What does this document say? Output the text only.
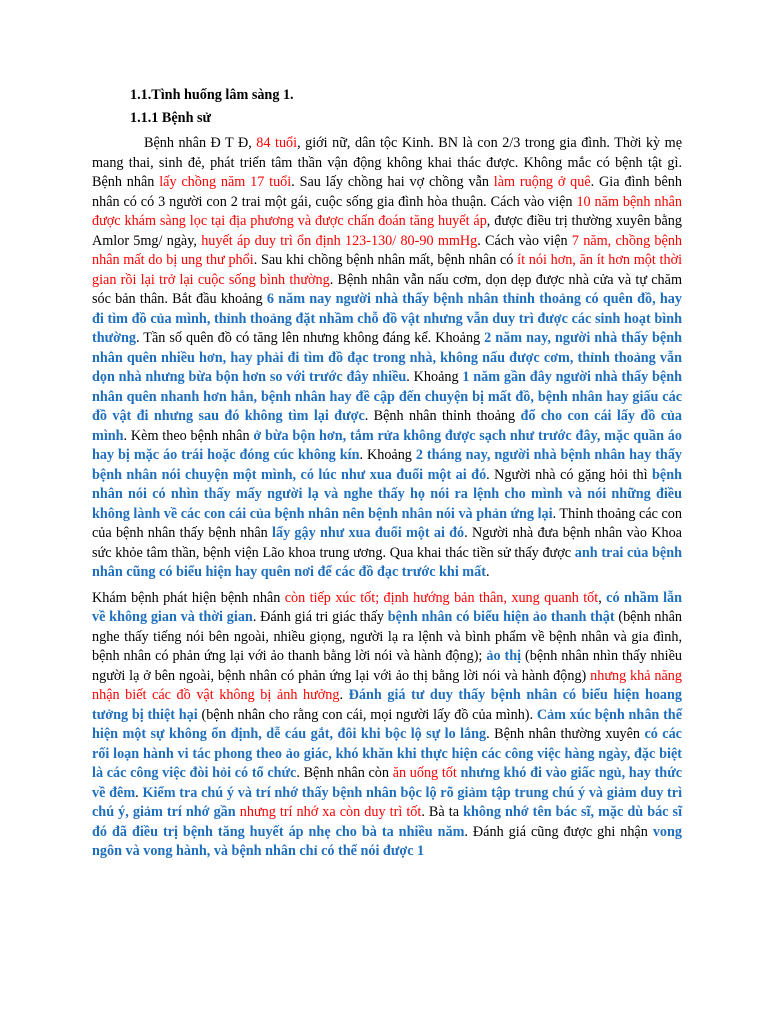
1.1.Tình huống lâm sàng 1.
1.1.1 Bệnh sử

Bệnh nhân Đ T Đ, 84 tuổi, giới nữ, dân tộc Kinh. BN là con 2/3 trong gia đình. Thời kỳ mẹ mang thai, sinh đẻ, phát triển tâm thần vận động không khai thác được. Không mắc có bệnh tật gì. Bệnh nhân lấy chồng năm 17 tuổi. Sau lấy chồng hai vợ chồng vẫn làm ruộng ở quê. Gia đình bênh nhân có có 3 người con 2 trai một gái, cuộc sống gia đình hòa thuận. Cách vào viện 10 năm bệnh nhân được khám sàng lọc tại địa phương và được chẩn đoán tăng huyết áp, được điều trị thường xuyên bằng Amlor 5mg/ ngày, huyết áp duy trì ổn định 123-130/ 80-90 mmHg. Cách vào viện 7 năm, chồng bệnh nhân mất do bị ung thư phổi. Sau khi chồng bệnh nhân mất, bệnh nhân có ít nói hơn, ăn ít hơn một thời gian rồi lại trở lại cuộc sống bình thường. Bệnh nhân vẫn nấu cơm, dọn dẹp được nhà cửa và tự chăm sóc bản thân. Bắt đầu khoảng 6 năm nay người nhà thấy bệnh nhân thỉnh thoảng có quên đồ, hay đi tìm đồ của mình, thỉnh thoảng đặt nhầm chỗ đồ vật nhưng vẫn duy trì được các sinh hoạt bình thường. Tần số quên đồ có tăng lên nhưng không đáng kể. Khoảng 2 năm nay, người nhà thấy bệnh nhân quên nhiều hơn, hay phải đi tìm đồ đạc trong nhà, không nấu được cơm, thỉnh thoảng vẫn dọn nhà nhưng bừa bộn hơn so với trước đây nhiều. Khoảng 1 năm gần đây người nhà thấy bệnh nhân quên nhanh hơn hẳn, bệnh nhân hay đề cập đến chuyện bị mất đồ, bệnh nhân hay giấu các đồ vật đi nhưng sau đó không tìm lại được. Bệnh nhân thỉnh thoảng đổ cho con cái lấy đồ của mình. Kèm theo bệnh nhân ở bừa bộn hơn, tắm rửa không được sạch như trước đây, mặc quần áo hay bị mặc áo trái hoặc đóng cúc không kín. Khoảng 2 tháng nay, người nhà bệnh nhân hay thấy bệnh nhân nói chuyện một mình, có lúc như xua đuổi một ai đó. Người nhà có gặng hỏi thì bệnh nhân nói có nhìn thấy mấy người lạ và nghe thấy họ nói ra lệnh cho mình và nói những điều không lành về các con cái của bệnh nhân nên bệnh nhân nói và phản ứng lại. Thỉnh thoảng các con của bệnh nhân thấy bệnh nhân lấy gậy như xua đuổi một ai đó. Người nhà đưa bệnh nhân vào Khoa sức khỏe tâm thần, bệnh viện Lão khoa trung ương. Qua khai thác tiền sử thấy được anh trai của bệnh nhân cũng có biểu hiện hay quên nơi để các đồ đạc trước khi mất.

Khám bệnh phát hiện bệnh nhân còn tiếp xúc tốt; định hướng bản thân, xung quanh tốt, có nhầm lẫn về không gian và thời gian. Đánh giá tri giác thấy bệnh nhân có biểu hiện ảo thanh thật (bệnh nhân nghe thấy tiếng nói bên ngoài, nhiều giọng, người lạ ra lệnh và bình phẩm về bệnh nhân và gia đình, bệnh nhân có phản ứng lại với ảo thanh bằng lời nói và hành động); ảo thị (bệnh nhân nhìn thấy nhiều người lạ ở bên ngoài, bệnh nhân có phản ứng lại với ảo thị bằng lời nói và hành động) nhưng khả năng nhận biết các đồ vật không bị ảnh hưởng. Đánh giá tư duy thấy bệnh nhân có biểu hiện hoang tưởng bị thiệt hại (bệnh nhân cho rằng con cái, mọi người lấy đồ của mình). Cảm xúc bệnh nhân thể hiện một sự không ổn định, dễ cáu gắt, đôi khi bộc lộ sự lo lắng. Bệnh nhân thường xuyên có các rối loạn hành vi tác phong theo ảo giác, khó khăn khi thực hiện các công việc hàng ngày, đặc biệt là các công việc đòi hỏi có tổ chức. Bệnh nhân còn ăn uống tốt nhưng khó đi vào giấc ngủ, hay thức về đêm. Kiểm tra chú ý và trí nhớ thấy bệnh nhân bộc lộ rõ giảm tập trung chú ý và giảm duy trì chú ý, giảm trí nhớ gần nhưng trí nhớ xa còn duy trì tốt. Bà ta không nhớ tên bác sĩ, mặc dù bác sĩ đó đã điều trị bệnh tăng huyết áp nhẹ cho bà ta nhiều năm. Đánh giá cũng được ghi nhận vong ngôn và vong hành, và bệnh nhân chỉ có thể nói được 1
